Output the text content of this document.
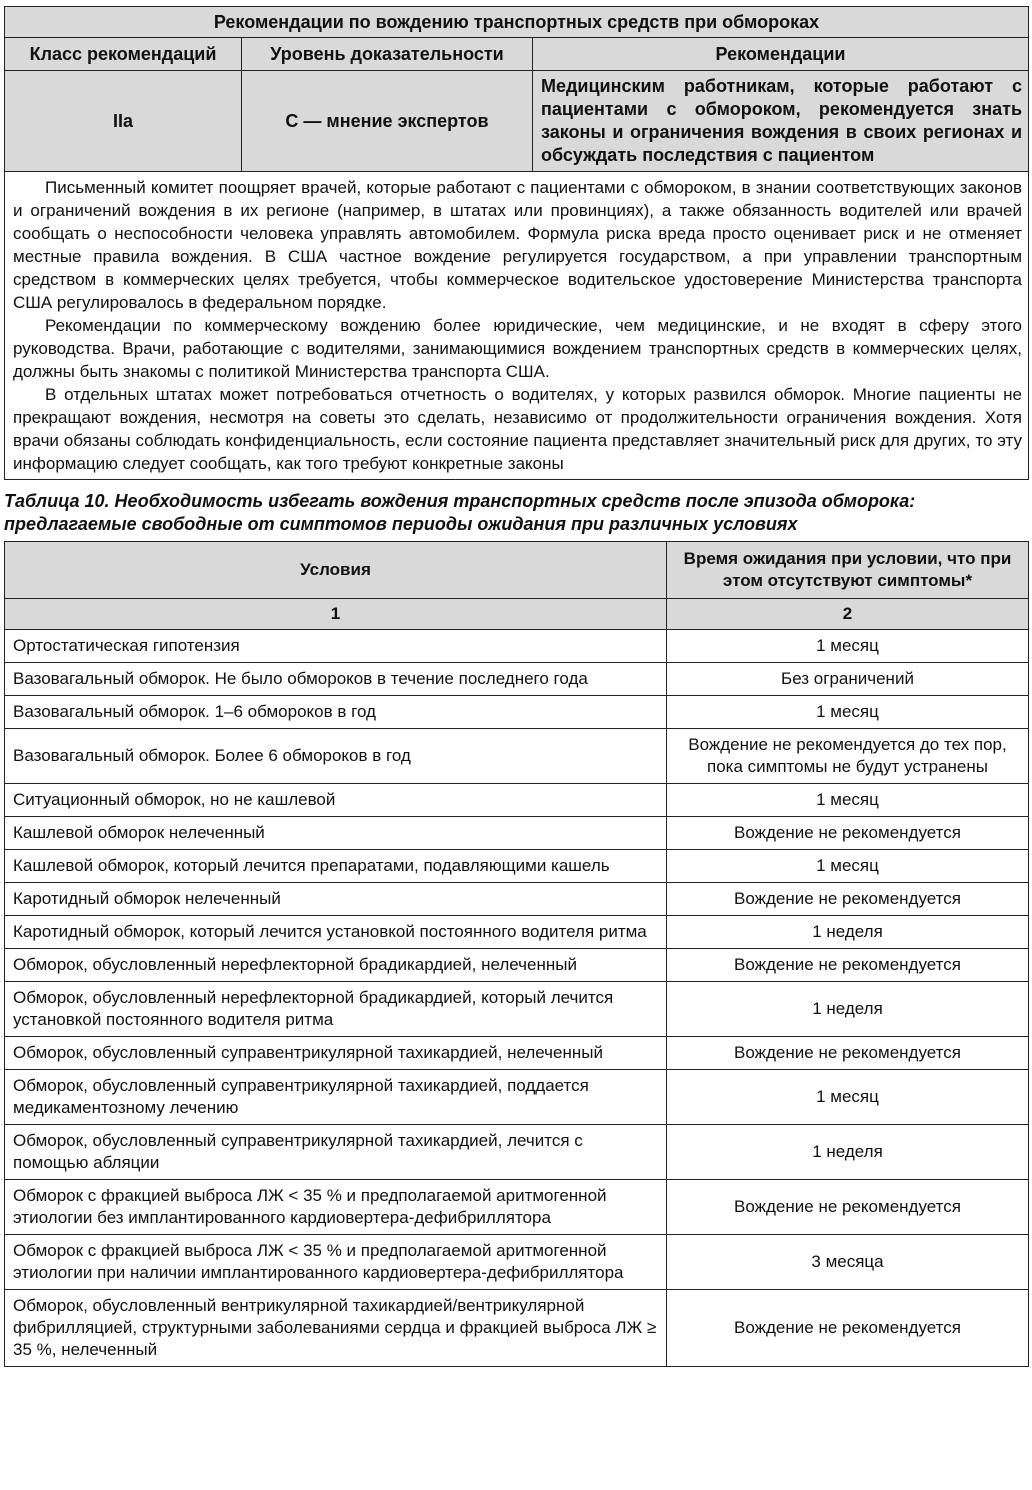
Рекомендации по вождению транспортных средств при обмороках		
Класс рекомендаций	Уровень доказательности	Рекомендации
IIa	С — мнение экспертов	Медицинским работникам, которые работают с пациентами с обмороком, рекомендуется знать законы и ограничения вождения в своих регионах и обсуждать последствия с пациентом

Письменный комитет поощряет врачей, которые работают с пациентами с обмороком, в знании соответствующих законов и ограничений вождения в их регионе (например, в штатах или провинциях), а также обязанность водителей или врачей сообщать о неспособности человека управлять автомобилем. Формула риска вреда просто оценивает риск и не отменяет местные правила вождения. В США частное вождение регулируется государством, а при управлении транспортным средством в коммерческих целях требуется, чтобы коммерческое водительское удостоверение Министерства транспорта США регулировалось в федеральном порядке.

Рекомендации по коммерческому вождению более юридические, чем медицинские, и не входят в сферу этого руководства. Врачи, работающие с водителями, занимающимися вождением транспортных средств в коммерческих целях, должны быть знакомы с политикой Министерства транспорта США.

В отдельных штатах может потребоваться отчетность о водителях, у которых развился обморок. Многие пациенты не прекращают вождения, несмотря на советы это сделать, независимо от продолжительности ограничения вождения. Хотя врачи обязаны соблюдать конфиденциальность, если состояние пациента представляет значительный риск для других, то эту информацию следует сообщать, как того требуют конкретные законы		

Таблица 10. Необходимость избегать вождения транспортных средств после эпизода обморока:
предлагаемые свободные от симптомов периоды ожидания при различных условиях
Условия	Время ожидания при условии, что при этом отсутствуют симптомы*
1	2
Ортостатическая гипотензия	1 месяц
Вазовагальный обморок. Не было обмороков в течение последнего года	Без ограничений
Вазовагальный обморок. 1–6 обмороков в год	1 месяц
Вазовагальный обморок. Более 6 обмороков в год	Вождение не рекомендуется до тех пор, пока симптомы не будут устранены
Ситуационный обморок, но не кашлевой	1 месяц
Кашлевой обморок нелеченный	Вождение не рекомендуется
Кашлевой обморок, который лечится препаратами, подавляющими кашель	1 месяц
Каротидный обморок нелеченный	Вождение не рекомендуется
Каротидный обморок, который лечится установкой постоянного водителя ритма	1 неделя
Обморок, обусловленный нерефлекторной брадикардией, нелеченный	Вождение не рекомендуется
Обморок, обусловленный нерефлекторной брадикардией, который лечится установкой постоянного водителя ритма	1 неделя
Обморок, обусловленный суправентрикулярной тахикардией, нелеченный	Вождение не рекомендуется
Обморок, обусловленный суправентрикулярной тахикардией, поддается медикаментозному лечению	1 месяц
Обморок, обусловленный суправентрикулярной тахикардией, лечится с помощью абляции	1 неделя
Обморок с фракцией выброса ЛЖ < 35 % и предполагаемой аритмогенной этиологии без имплантированного кардиовертера-дефибриллятора	Вождение не рекомендуется
Обморок с фракцией выброса ЛЖ < 35 % и предполагаемой аритмогенной этиологии при наличии имплантированного кардиовертера-дефибриллятора	3 месяца
Обморок, обусловленный вентрикулярной тахикардией/вентрикулярной фибрилляцией, структурными заболеваниями сердца и фракцией выброса ЛЖ ≥ 35 %, нелеченный	Вождение не рекомендуется
